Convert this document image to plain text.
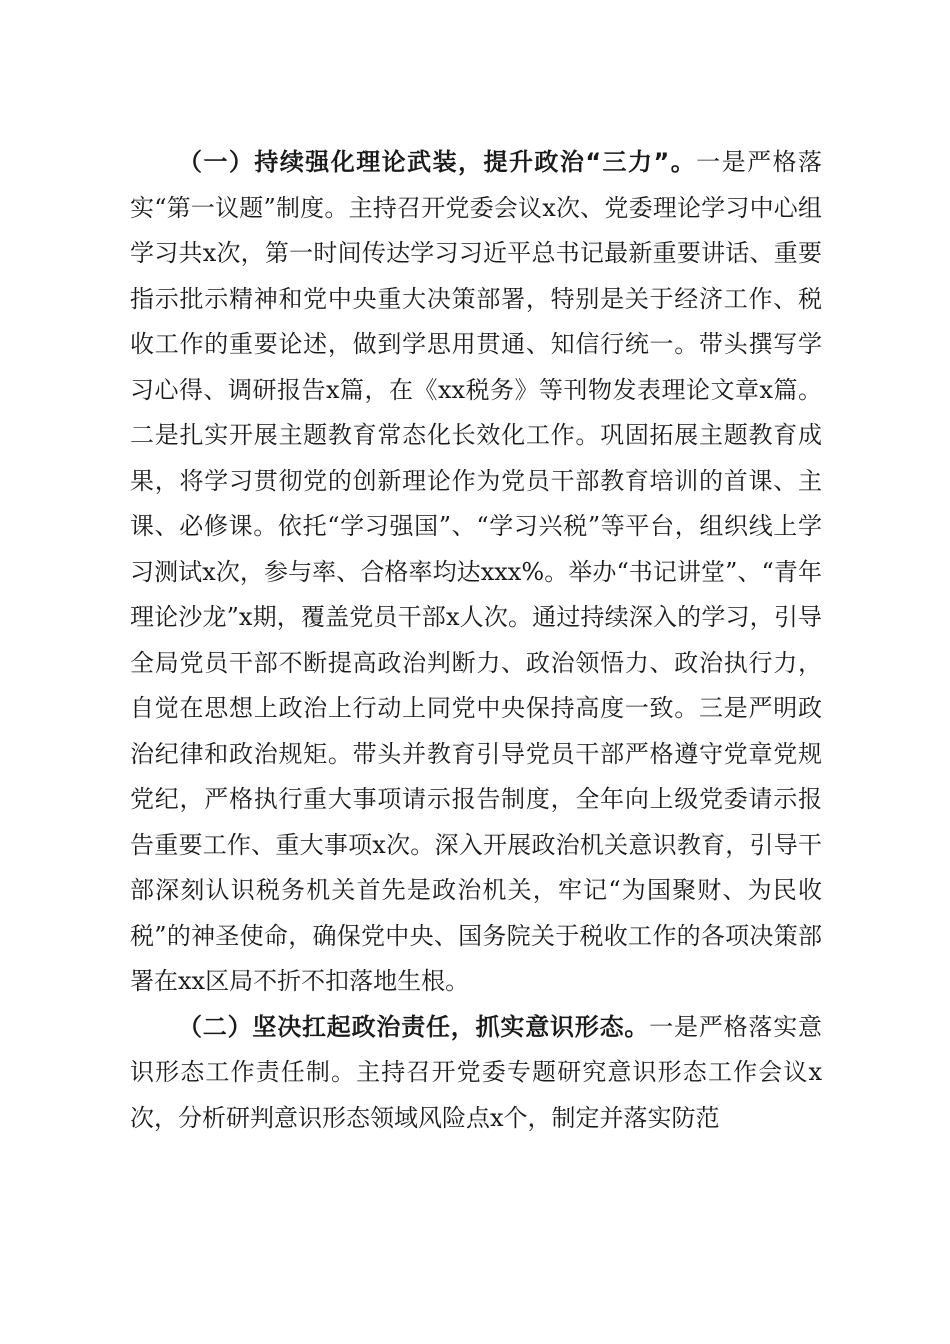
（一）持续强化理论武装，提升政治“三力”。一是严格落实“第一议题”制度。主持召开党委会议x次、党委理论学习中心组学习共x次，第一时间传达学习习近平总书记最新重要讲话、重要指示批示精神和党中央重大决策部署，特别是关于经济工作、税收工作的重要论述，做到学思用贯通、知信行统一。带头撰写学习心得、调研报告x篇，在《xx税务》等刊物发表理论文章x篇。二是扎实开展主题教育常态化长效化工作。巩固拓展主题教育成果，将学习贯彻党的创新理论作为党员干部教育培训的首课、主课、必修课。依托“学习强国”、“学习兴税”等平台，组织线上学习测试x次，参与率、合格率均达xxx%。举办“书记讲堂”、“青年理论沙龙”x期，覆盖党员干部x人次。通过持续深入的学习，引导全局党员干部不断提高政治判断力、政治领悟力、政治执行力，自觉在思想上政治上行动上同党中央保持高度一致。三是严明政治纪律和政治规矩。带头并教育引导党员干部严格遵守党章党规党纪，严格执行重大事项请示报告制度，全年向上级党委请示报告重要工作、重大事项x次。深入开展政治机关意识教育，引导干部深刻认识税务机关首先是政治机关，牢记“为国聚财、为民收税”的神圣使命，确保党中央、国务院关于税收工作的各项决策部署在xx区局不折不扣落地生根。

（二）坚决扛起政治责任，抓实意识形态。一是严格落实意识形态工作责任制。主持召开党委专题研究意识形态工作会议x次，分析研判意识形态领域风险点x个，制定并落实防范
